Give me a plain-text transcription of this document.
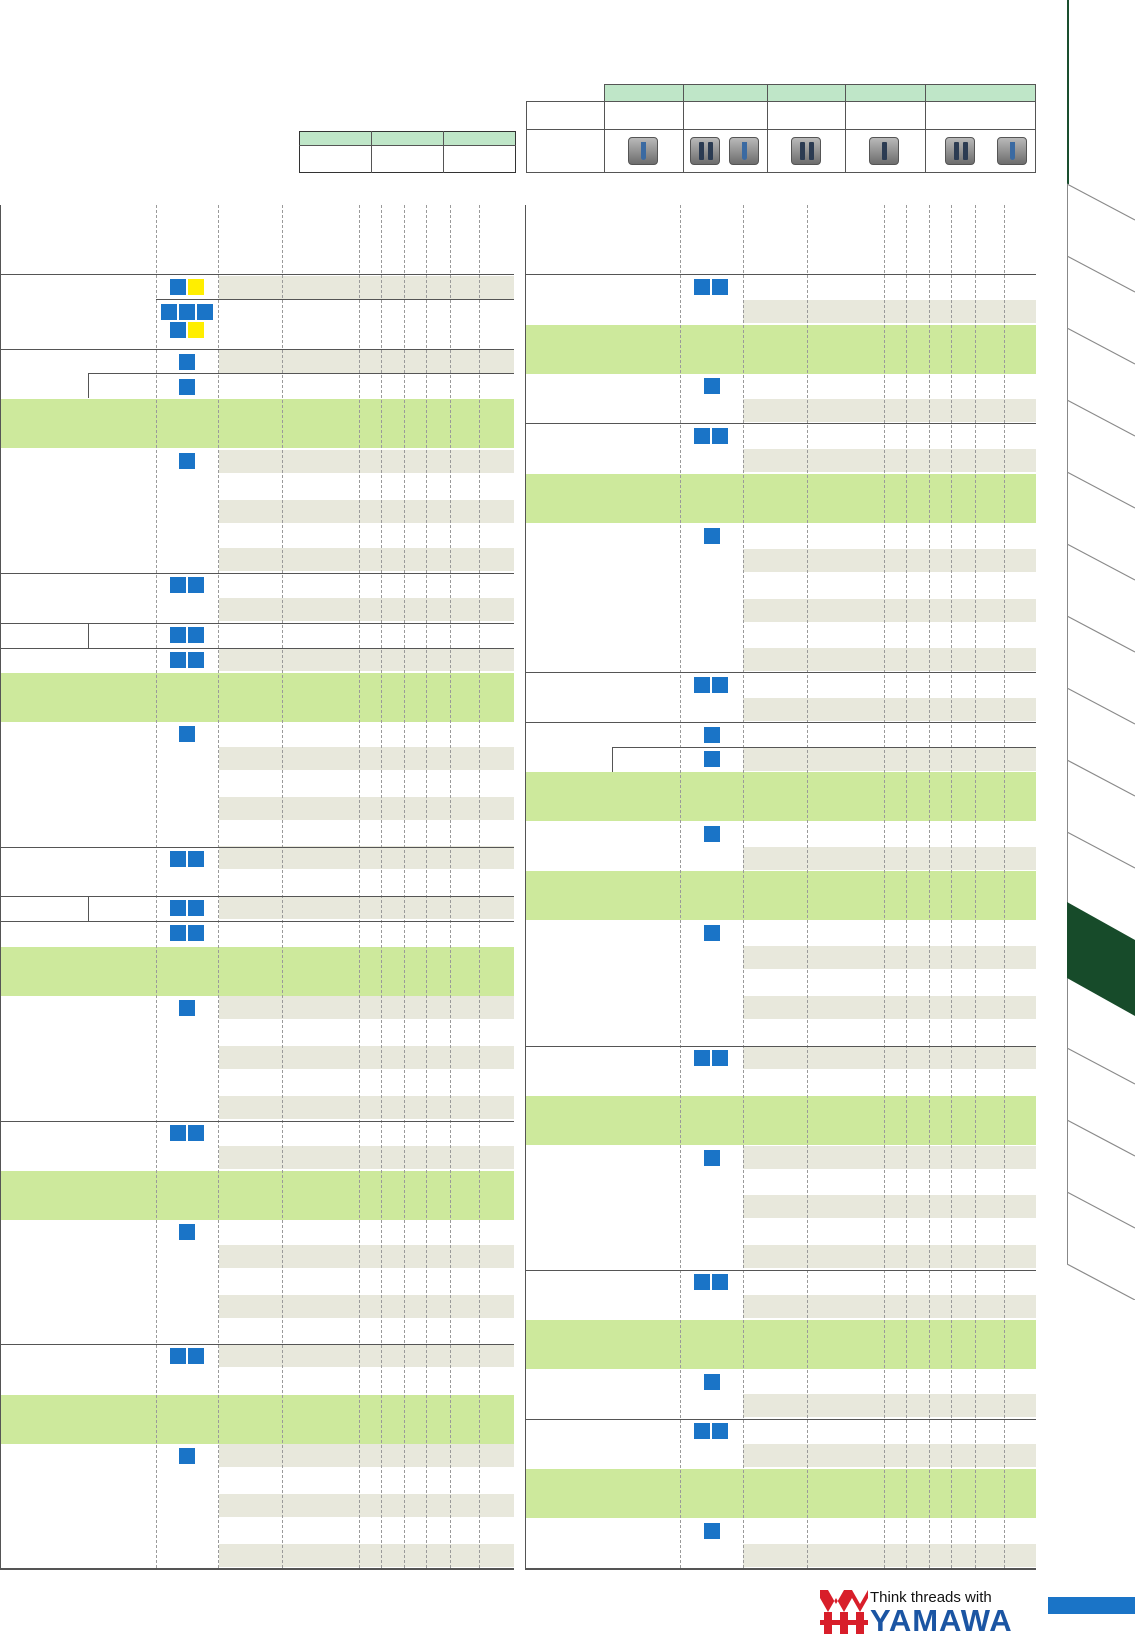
Think threads with
YAMAWA
